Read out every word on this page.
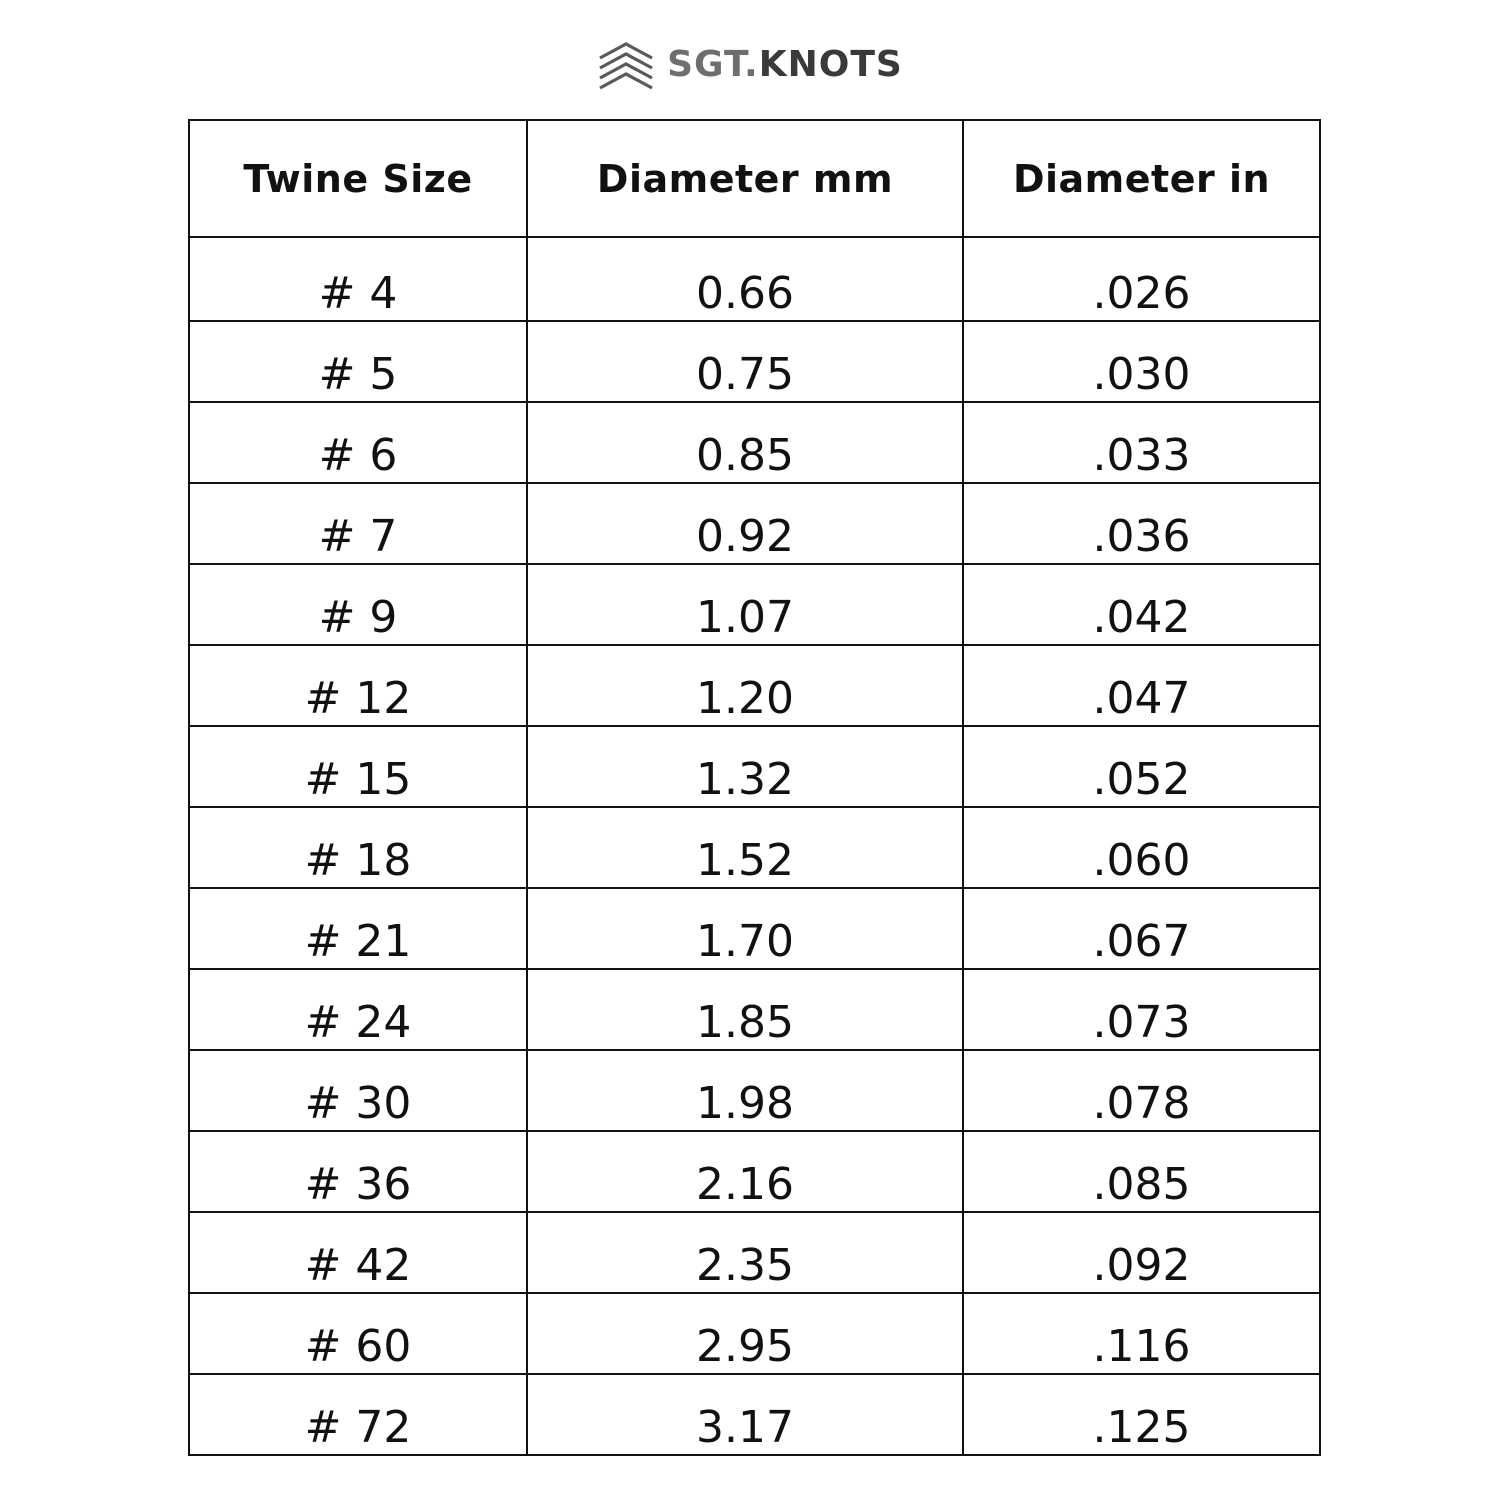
SGT.KNOTS
Twine Size	Diameter mm	Diameter in
# 4	0.66	.026
# 5	0.75	.030
# 6	0.85	.033
# 7	0.92	.036
# 9	1.07	.042
# 12	1.20	.047
# 15	1.32	.052
# 18	1.52	.060
# 21	1.70	.067
# 24	1.85	.073
# 30	1.98	.078
# 36	2.16	.085
# 42	2.35	.092
# 60	2.95	.116
# 72	3.17	.125
